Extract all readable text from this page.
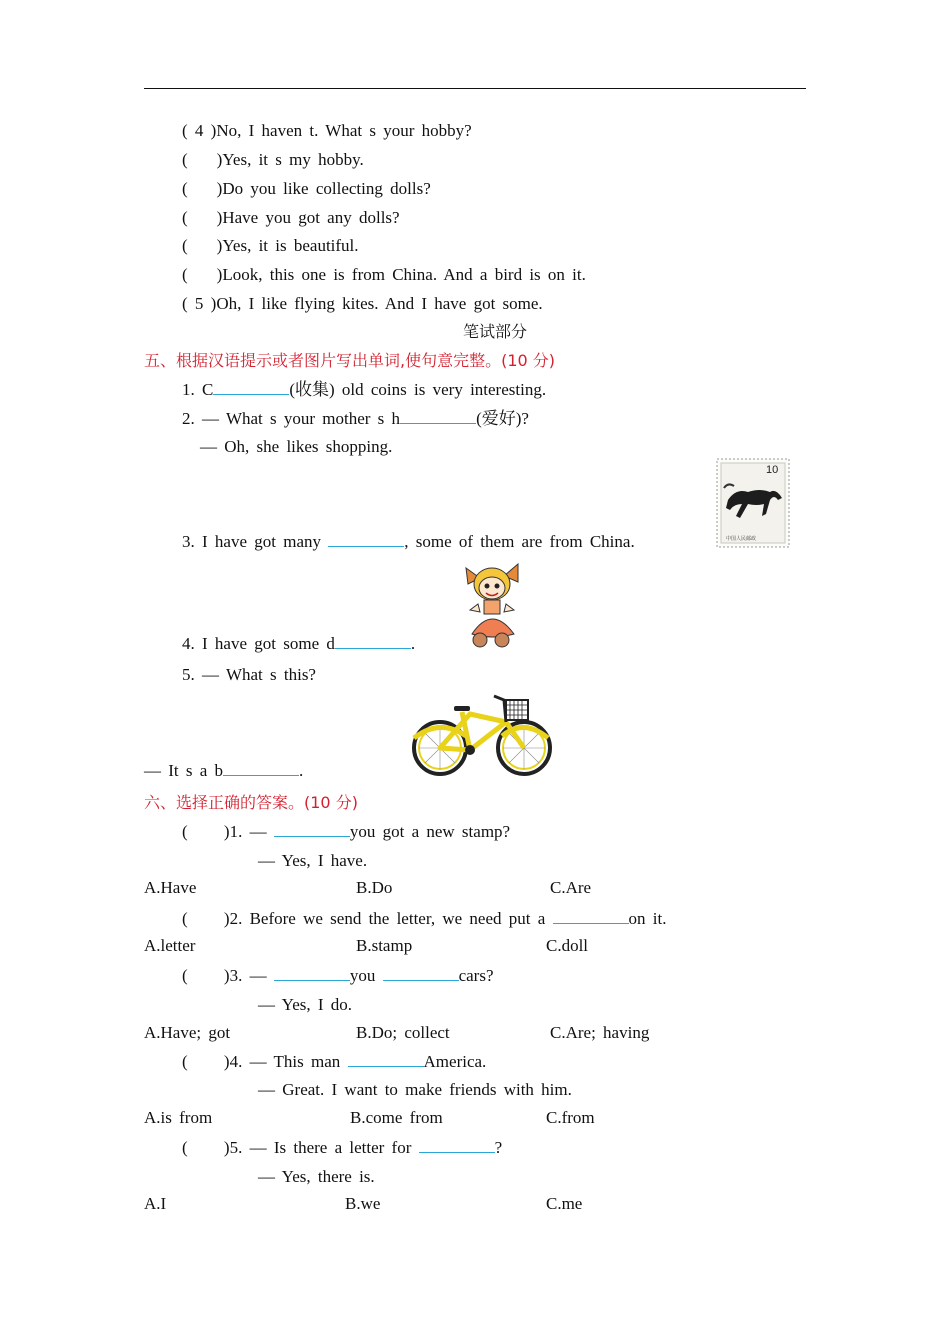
( 4 )No, I haven t. What s your hobby?
(    )Yes, it s my hobby.
(    )Do you like collecting dolls?
(    )Have you got any dolls?
(    )Yes, it is beautiful.
(    )Look, this one is from China. And a bird is on it.
( 5 )Oh, I like flying kites. And I have got some.
笔试部分
五、根据汉语提示或者图片写出单词,使句意完整。(10 分)
1. C	(收集) old coins is very interesting.
2. — What s your mother s h	(爱好)?
— Oh, she likes shopping.
3. I have got many	, some of them are from China.
10
中国人民邮政
4. I have got some d	.
5. — What s this?
— It s a b	.
六、选择正确的答案。(10 分)
(     )1. —	you got a new stamp?
— Yes, I have.
A.Have	B.Do	C.Are
(     )2. Before we send the letter, we need put a	on it.
A.letter	B.stamp	C.doll
(     )3. —	you	cars?
— Yes, I do.
A.Have; got	B.Do; collect	C.Are; having
(     )4. — This man	America.
— Great. I want to make friends with him.
A.is from	B.come from	C.from
(     )5. — Is there a letter for	?
— Yes, there is.
A.I	B.we	C.me
